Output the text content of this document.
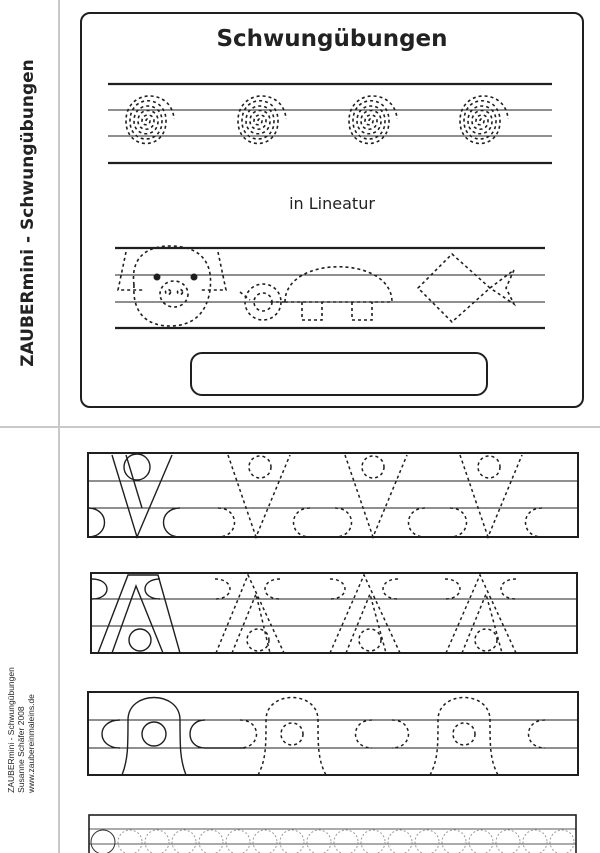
ZAUBERmini - Schwungübungen
ZAUBERmini - Schwungübungen Susanne Schäfer 2008 www.zaubereinmaleins.de
Schwungübungen
in Lineatur
